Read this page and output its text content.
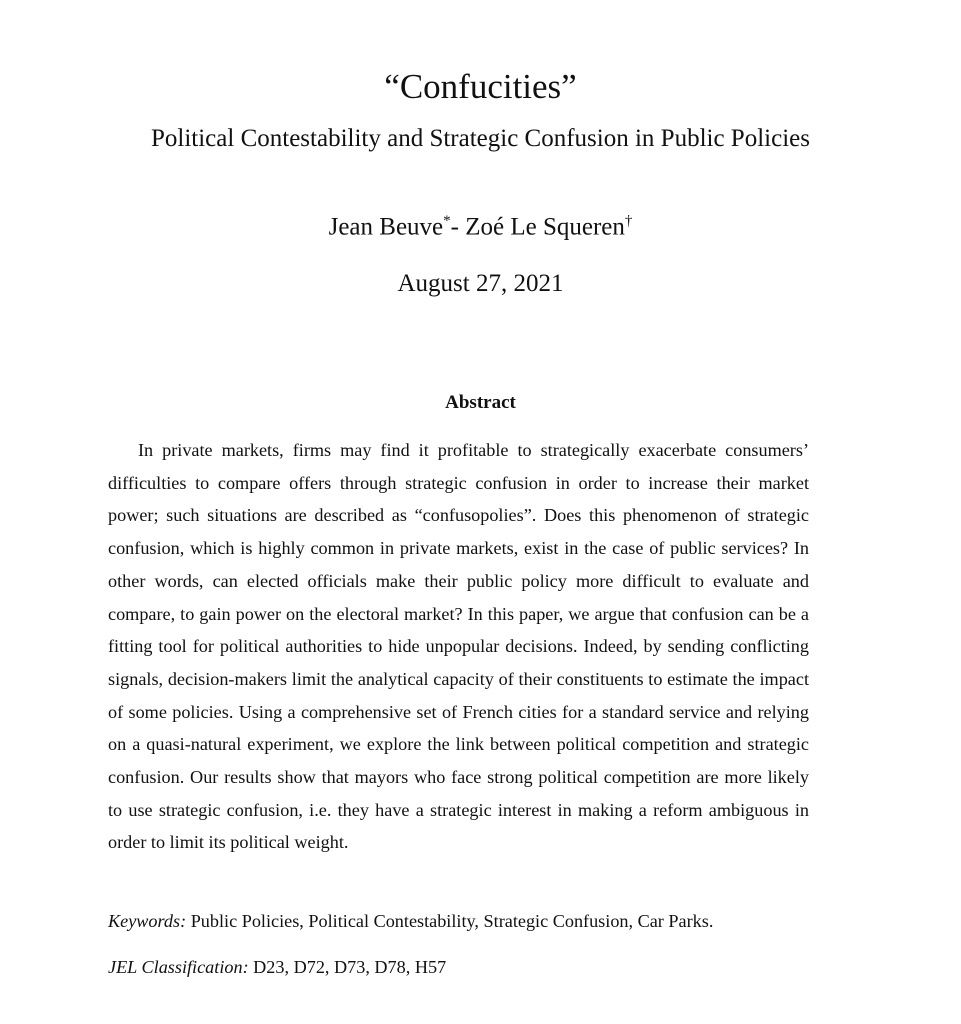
“Confucities”
Political Contestability and Strategic Confusion in Public Policies
Jean Beuve*- Zoé Le Squeren†
August 27, 2021
Abstract

In private markets, firms may find it profitable to strategically exacerbate consumers’ difficulties to compare offers through strategic confusion in order to increase their market power; such situations are described as “confusopolies”. Does this phenomenon of strategic confusion, which is highly common in private markets, exist in the case of public services? In other words, can elected officials make their public policy more difficult to evaluate and compare, to gain power on the electoral market? In this paper, we argue that confusion can be a fitting tool for political authorities to hide unpopular decisions. Indeed, by sending conflicting signals, decision-makers limit the analytical capacity of their constituents to estimate the impact of some policies. Using a comprehensive set of French cities for a standard service and relying on a quasi-natural experiment, we explore the link between political competition and strategic confusion. Our results show that mayors who face strong political competition are more likely to use strategic confusion, i.e. they have a strategic interest in making a reform ambiguous in order to limit its political weight.

Keywords: Public Policies, Political Contestability, Strategic Confusion, Car Parks.
JEL Classification: D23, D72, D73, D78, H57
